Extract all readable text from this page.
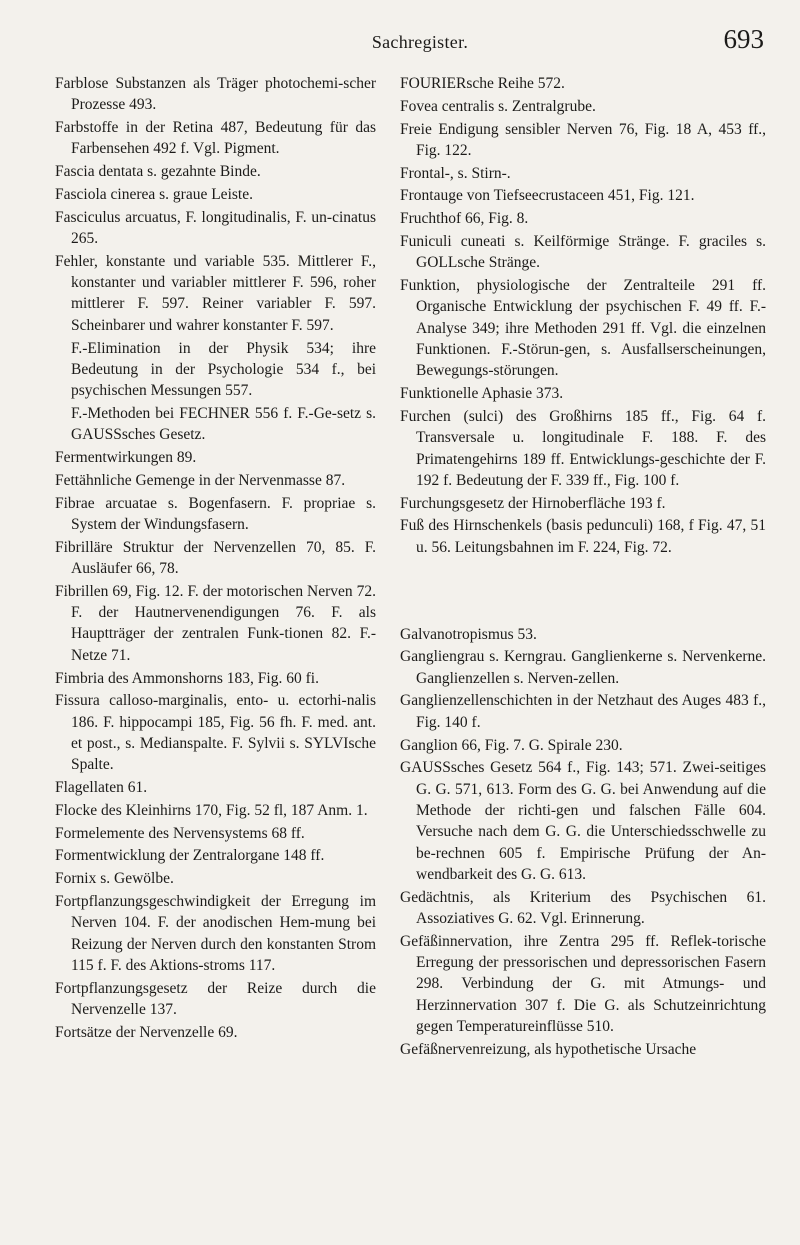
Sachregister.	693

Farblose Substanzen als Träger photochemi-scher Prozesse 493.

Farbstoffe in der Retina 487, Bedeutung für das Farbensehen 492 f. Vgl. Pigment.

Fascia dentata s. gezahnte Binde.

Fasciola cinerea s. graue Leiste.

Fasciculus arcuatus, F. longitudinalis, F. un-cinatus 265.

Fehler, konstante und variable 535. Mittlerer F., konstanter und variabler mittlerer F. 596, roher mittlerer F. 597. Reiner variabler F. 597. Scheinbarer und wahrer konstanter F. 597.

F.-Elimination in der Physik 534; ihre Bedeutung in der Psychologie 534 f., bei psychischen Messungen 557.

F.-Methoden bei FECHNER 556 f. F.-Ge-setz s. GAUSSsches Gesetz.

Fermentwirkungen 89.

Fettähnliche Gemenge in der Nervenmasse 87.

Fibrae arcuatae s. Bogenfasern. F. propriae s. System der Windungsfasern.

Fibrilläre Struktur der Nervenzellen 70, 85. F. Ausläufer 66, 78.

Fibrillen 69, Fig. 12. F. der motorischen Nerven 72. F. der Hautnervenendigungen 76. F. als Hauptträger der zentralen Funk-tionen 82. F.-Netze 71.

Fimbria des Ammonshorns 183, Fig. 60 fi.

Fissura calloso-marginalis, ento- u. ectorhi-nalis 186. F. hippocampi 185, Fig. 56 fh. F. med. ant. et post., s. Medianspalte. F. Sylvii s. SYLVIsche Spalte.

Flagellaten 61.

Flocke des Kleinhirns 170, Fig. 52 fl, 187 Anm. 1.

Formelemente des Nervensystems 68 ff.

Formentwicklung der Zentralorgane 148 ff.

Fornix s. Gewölbe.

Fortpflanzungsgeschwindigkeit der Erregung im Nerven 104. F. der anodischen Hem-mung bei Reizung der Nerven durch den konstanten Strom 115 f. F. des Aktions-stroms 117.

Fortpflanzungsgesetz der Reize durch die Nervenzelle 137.

Fortsätze der Nervenzelle 69.

FOURIERsche Reihe 572.

Fovea centralis s. Zentralgrube.

Freie Endigung sensibler Nerven 76, Fig. 18 A, 453 ff., Fig. 122.

Frontal-, s. Stirn-.

Frontauge von Tiefseecrustaceen 451, Fig. 121.

Fruchthof 66, Fig. 8.

Funiculi cuneati s. Keilförmige Stränge. F. graciles s. GOLLsche Stränge.

Funktion, physiologische der Zentralteile 291 ff. Organische Entwicklung der psychischen F. 49 ff. F.-Analyse 349; ihre Methoden 291 ff. Vgl. die einzelnen Funktionen. F.-Störun-gen, s. Ausfallserscheinungen, Bewegungs-störungen.

Funktionelle Aphasie 373.

Furchen (sulci) des Großhirns 185 ff., Fig. 64 f. Transversale u. longitudinale F. 188. F. des Primatengehirns 189 ff. Entwicklungs-geschichte der F. 192 f. Bedeutung der F. 339 ff., Fig. 100 f.

Furchungsgesetz der Hirnoberfläche 193 f.

Fuß des Hirnschenkels (basis pedunculi) 168, f Fig. 47, 51 u. 56. Leitungsbahnen im F. 224, Fig. 72.

Galvanotropismus 53.

Gangliengrau s. Kerngrau. Ganglienkerne s. Nervenkerne. Ganglienzellen s. Nerven-zellen.

Ganglienzellenschichten in der Netzhaut des Auges 483 f., Fig. 140 f.

Ganglion 66, Fig. 7. G. Spirale 230.

GAUSSsches Gesetz 564 f., Fig. 143; 571. Zwei-seitiges G. G. 571, 613. Form des G. G. bei Anwendung auf die Methode der richti-gen und falschen Fälle 604. Versuche nach dem G. G. die Unterschiedsschwelle zu be-rechnen 605 f. Empirische Prüfung der An-wendbarkeit des G. G. 613.

Gedächtnis, als Kriterium des Psychischen 61. Assoziatives G. 62. Vgl. Erinnerung.

Gefäßinnervation, ihre Zentra 295 ff. Reflek-torische Erregung der pressorischen und depressorischen Fasern 298. Verbindung der G. mit Atmungs- und Herzinnervation 307 f. Die G. als Schutzeinrichtung gegen Temperatureinflüsse 510.

Gefäßnervenreizung, als hypothetische Ursache
